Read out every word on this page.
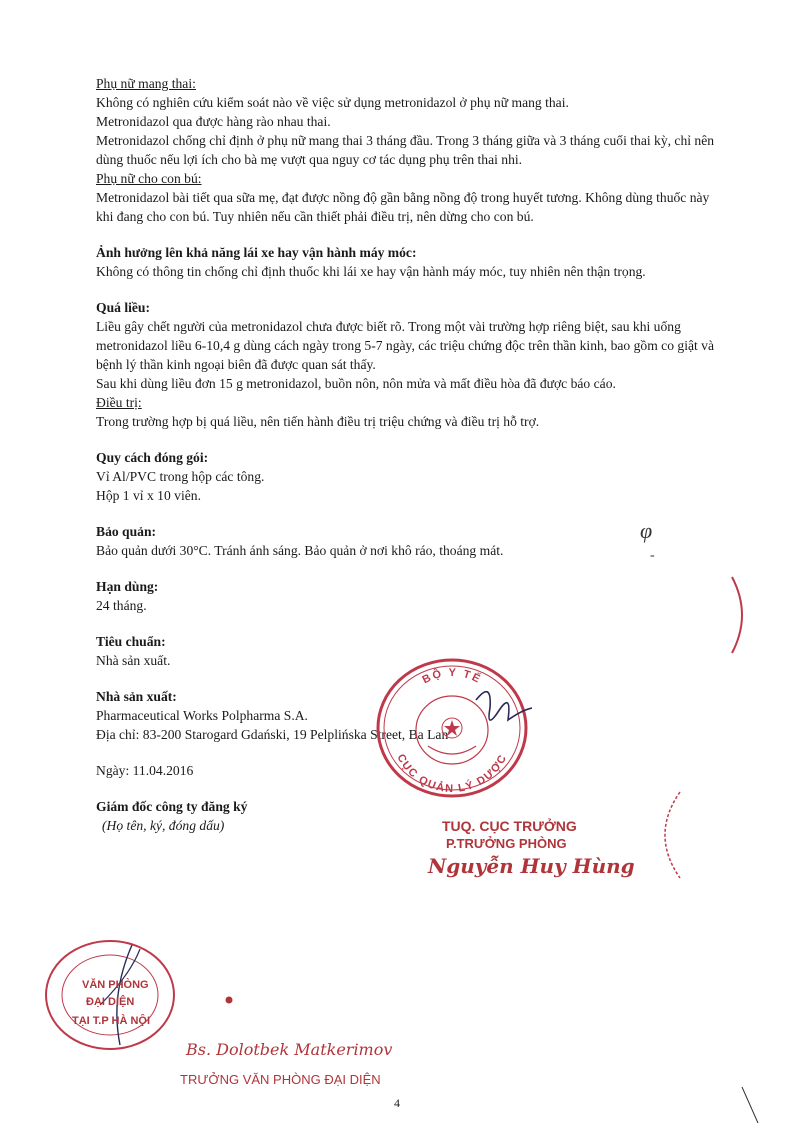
Phụ nữ mang thai:

Không có nghiên cứu kiểm soát nào về việc sử dụng metronidazol ở phụ nữ mang thai.

Metronidazol qua được hàng rào nhau thai.

Metronidazol chống chỉ định ở phụ nữ mang thai 3 tháng đầu. Trong 3 tháng giữa và 3 tháng cuối thai kỳ, chỉ nên dùng thuốc nếu lợi ích cho bà mẹ vượt qua nguy cơ tác dụng phụ trên thai nhi.

Phụ nữ cho con bú:

Metronidazol bài tiết qua sữa mẹ, đạt được nồng độ gần bằng nồng độ trong huyết tương. Không dùng thuốc này khi đang cho con bú. Tuy nhiên nếu cần thiết phải điều trị, nên dừng cho con bú.

Ảnh hưởng lên khả năng lái xe hay vận hành máy móc:

Không có thông tin chống chỉ định thuốc khi lái xe hay vận hành máy móc, tuy nhiên nên thận trọng.

Quá liều:

Liều gây chết người của metronidazol chưa được biết rõ. Trong một vài trường hợp riêng biệt, sau khi uống metronidazol liều 6-10,4 g dùng cách ngày trong 5-7 ngày, các triệu chứng độc trên thần kinh, bao gồm co giật và bệnh lý thần kinh ngoại biên đã được quan sát thấy.

Sau khi dùng liều đơn 15 g metronidazol, buồn nôn, nôn mửa và mất điều hòa đã được báo cáo.

Điều trị:

Trong trường hợp bị quá liều, nên tiến hành điều trị triệu chứng và điều trị hỗ trợ.

Quy cách đóng gói:

Vỉ Al/PVC trong hộp các tông.

Hộp 1 vỉ x 10 viên.

Bảo quản:

Bảo quản dưới 30°C. Tránh ánh sáng. Bảo quản ở nơi khô ráo, thoáng mát.

Hạn dùng:

24 tháng.

Tiêu chuẩn:

Nhà sản xuất.

Nhà sản xuất:

Pharmaceutical Works Polpharma S.A.

Địa chỉ: 83-200 Starogard Gdański, 19 Pelplińska Street, Ba Lan

Ngày: 11.04.2016

Giám đốc công ty đăng ký

(Họ tên, ký, đóng dấu)

BỘ Y TẾ
CỤC QUẢN LÝ DƯỢC
TUQ. CỤC TRƯỞNG
P.TRƯỞNG PHÒNG
Nguyễn Huy Hùng
VĂN PHÒNG
ĐẠI DIỆN
TẠI T.P HÀ NỘI
Bs. Dolotbek Matkerimov
TRƯỞNG VĂN PHÒNG ĐẠI DIỆN
φ
-
4
